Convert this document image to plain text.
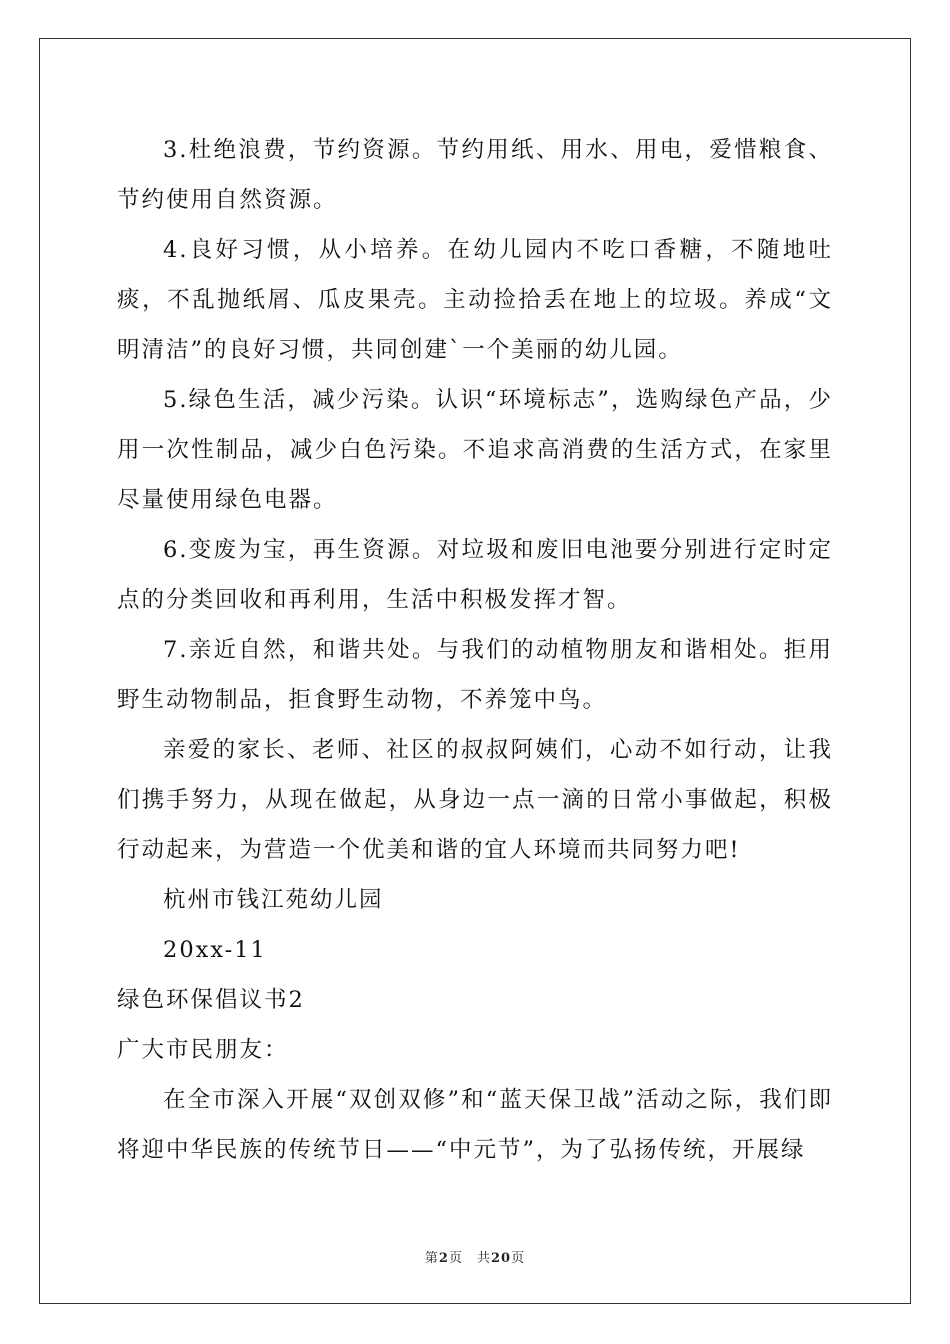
3.杜绝浪费，节约资源。节约用纸、用水、用电，爱惜粮食、节约使用自然资源。

4.良好习惯，从小培养。在幼儿园内不吃口香糖，不随地吐痰，不乱抛纸屑、瓜皮果壳。主动捡拾丢在地上的垃圾。养成“文明清洁”的良好习惯，共同创建`一个美丽的幼儿园。

5.绿色生活，减少污染。认识“环境标志”，选购绿色产品，少用一次性制品，减少白色污染。不追求高消费的生活方式，在家里尽量使用绿色电器。

6.变废为宝，再生资源。对垃圾和废旧电池要分别进行定时定点的分类回收和再利用，生活中积极发挥才智。

7.亲近自然，和谐共处。与我们的动植物朋友和谐相处。拒用野生动物制品，拒食野生动物，不养笼中鸟。

亲爱的家长、老师、社区的叔叔阿姨们，心动不如行动，让我们携手努力，从现在做起，从身边一点一滴的日常小事做起，积极行动起来，为营造一个优美和谐的宜人环境而共同努力吧!

杭州市钱江苑幼儿园

20xx-11

绿色环保倡议书2

广大市民朋友：

在全市深入开展“双创双修”和“蓝天保卫战”活动之际，我们即将迎中华民族的传统节日——“中元节”，为了弘扬传统，开展绿

第2页 共20页
